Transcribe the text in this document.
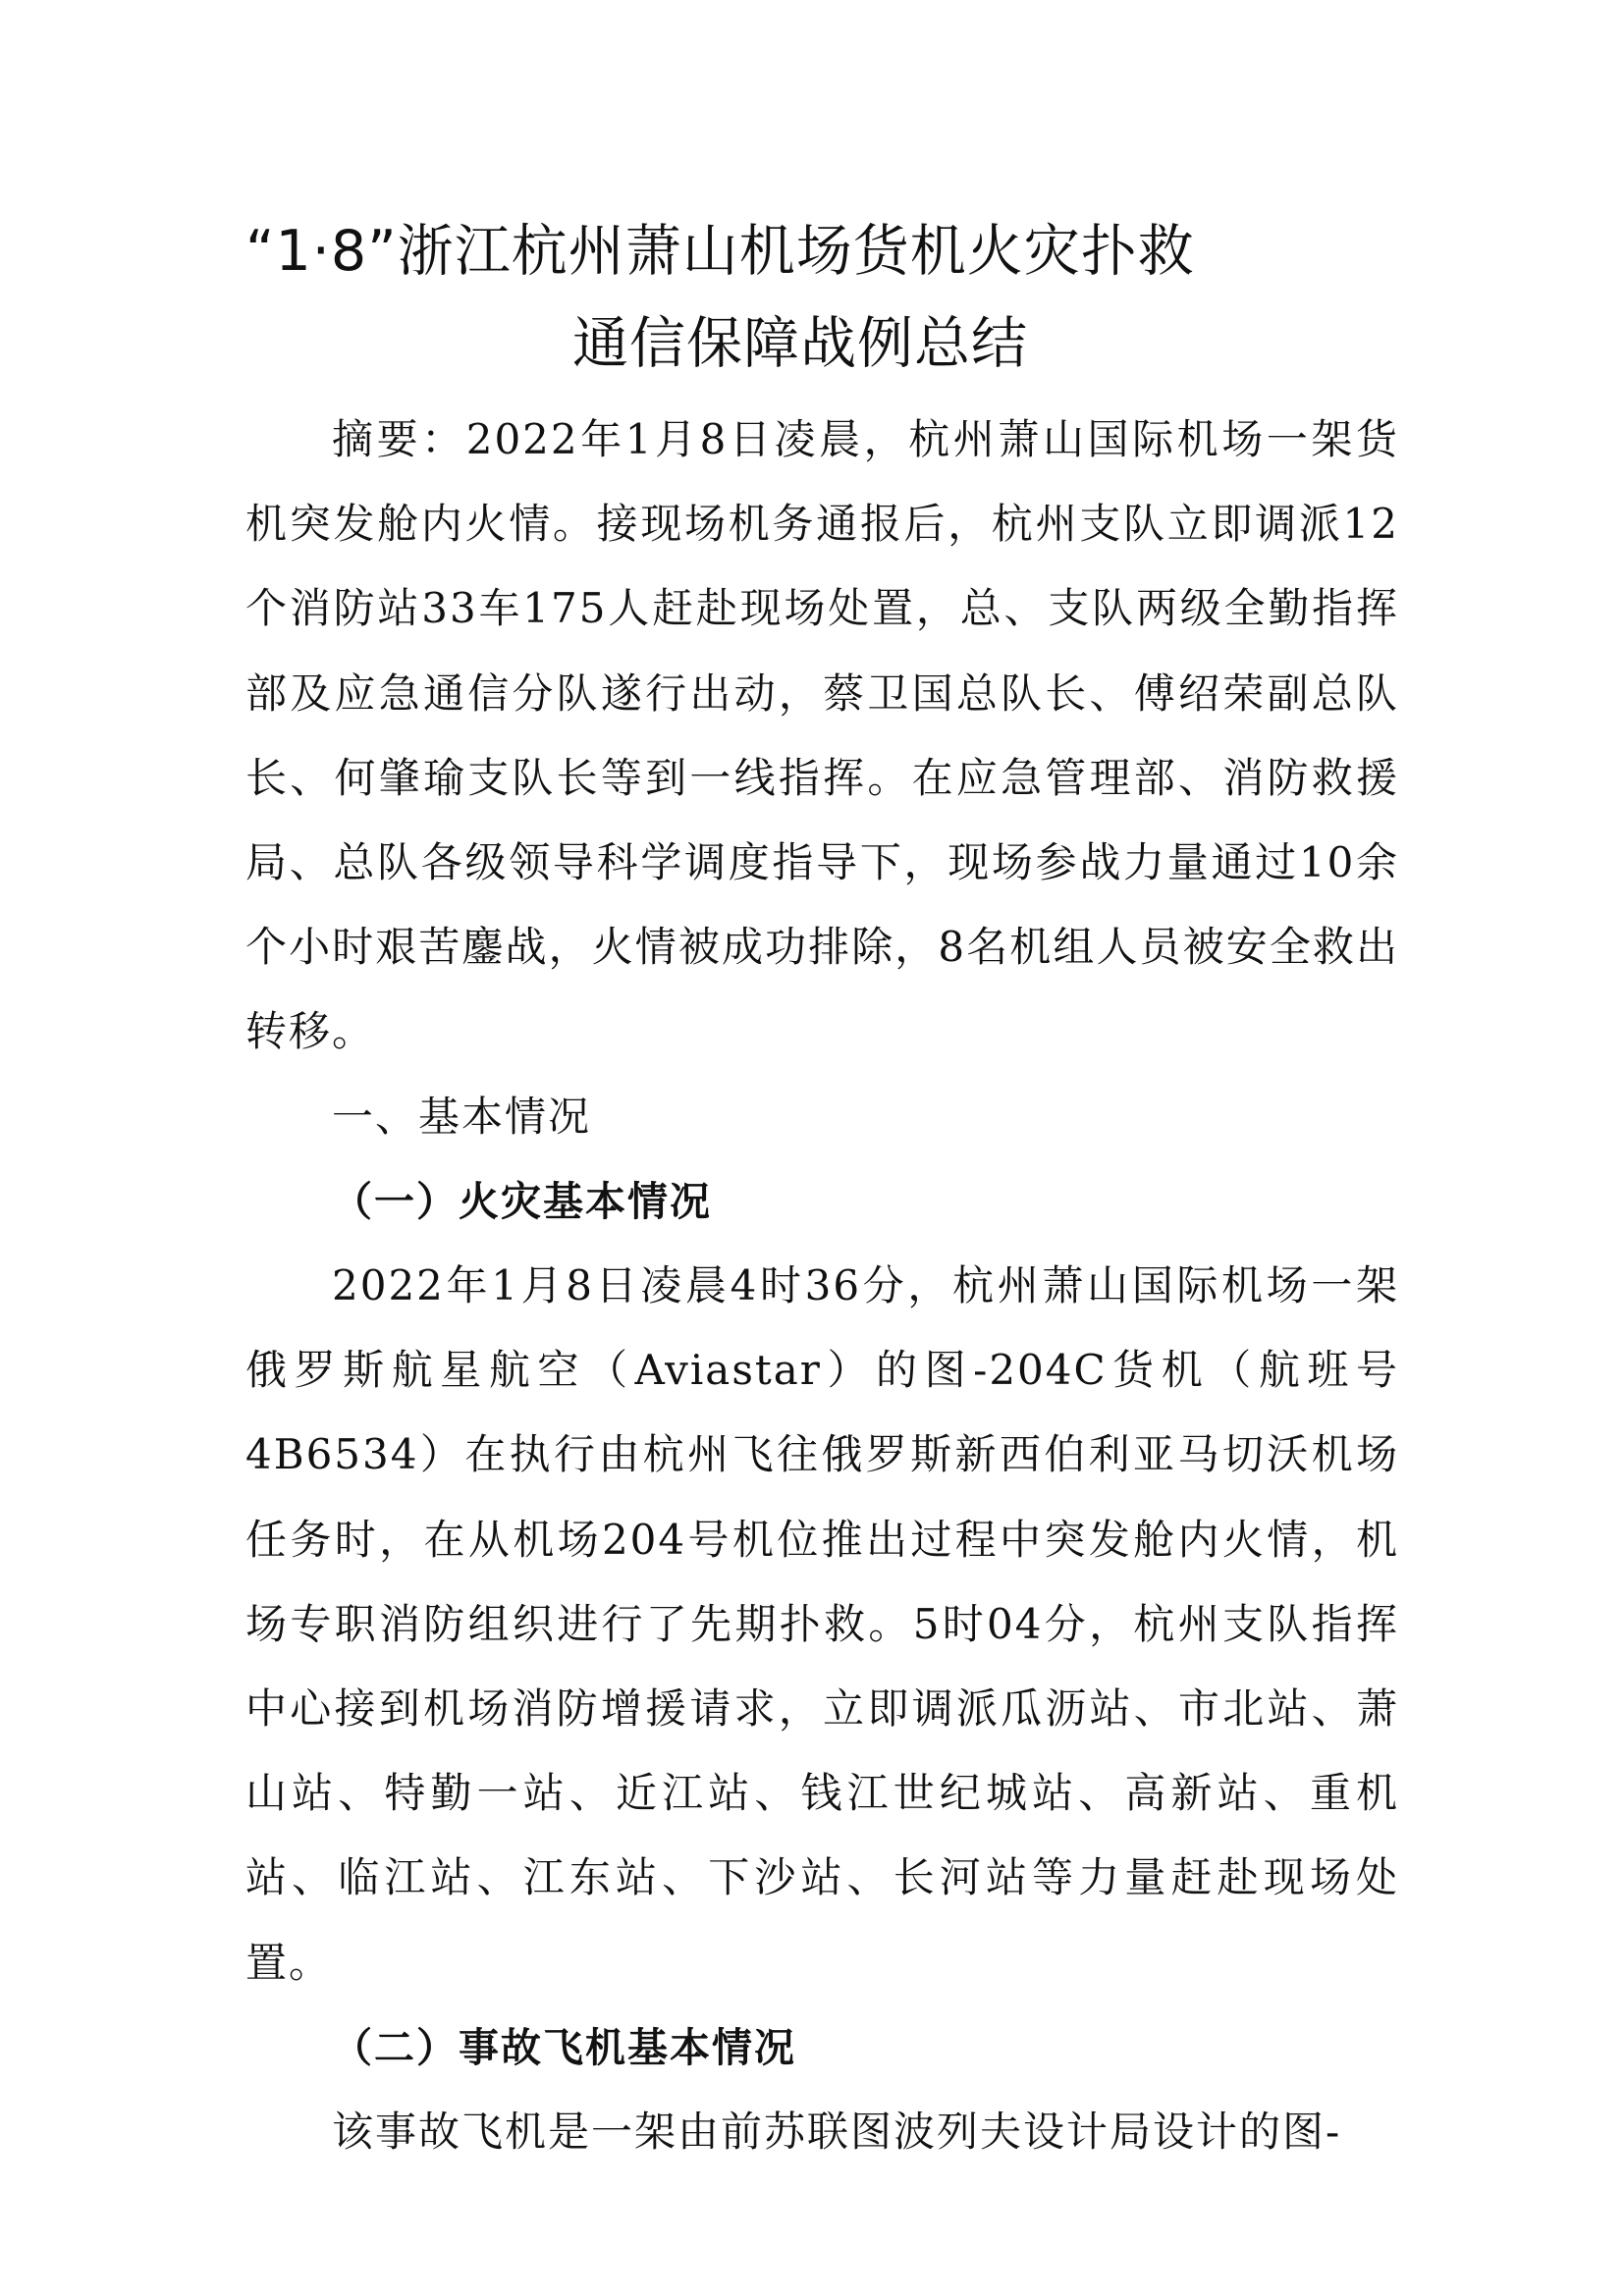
“1·8”浙江杭州萧山机场货机火灾扑救
通信保障战例总结

摘要：2022年1月8日凌晨，杭州萧山国际机场一架货机突发舱内火情。接现场机务通报后，杭州支队立即调派12个消防站33车175人赶赴现场处置，总、支队两级全勤指挥部及应急通信分队遂行出动，蔡卫国总队长、傅绍荣副总队长、何肇瑜支队长等到一线指挥。在应急管理部、消防救援局、总队各级领导科学调度指导下，现场参战力量通过10余个小时艰苦鏖战，火情被成功排除，8名机组人员被安全救出转移。

一、基本情况

（一）火灾基本情况

2022年1月8日凌晨4时36分，杭州萧山国际机场一架俄罗斯航星航空（Aviastar）的图-204C货机（航班号4B6534）在执行由杭州飞往俄罗斯新西伯利亚马切沃机场任务时，在从机场204号机位推出过程中突发舱内火情，机场专职消防组织进行了先期扑救。5时04分，杭州支队指挥中心接到机场消防增援请求，立即调派瓜沥站、市北站、萧山站、特勤一站、近江站、钱江世纪城站、高新站、重机站、临江站、江东站、下沙站、长河站等力量赶赴现场处置。

（二）事故飞机基本情况

该事故飞机是一架由前苏联图波列夫设计局设计的图-
